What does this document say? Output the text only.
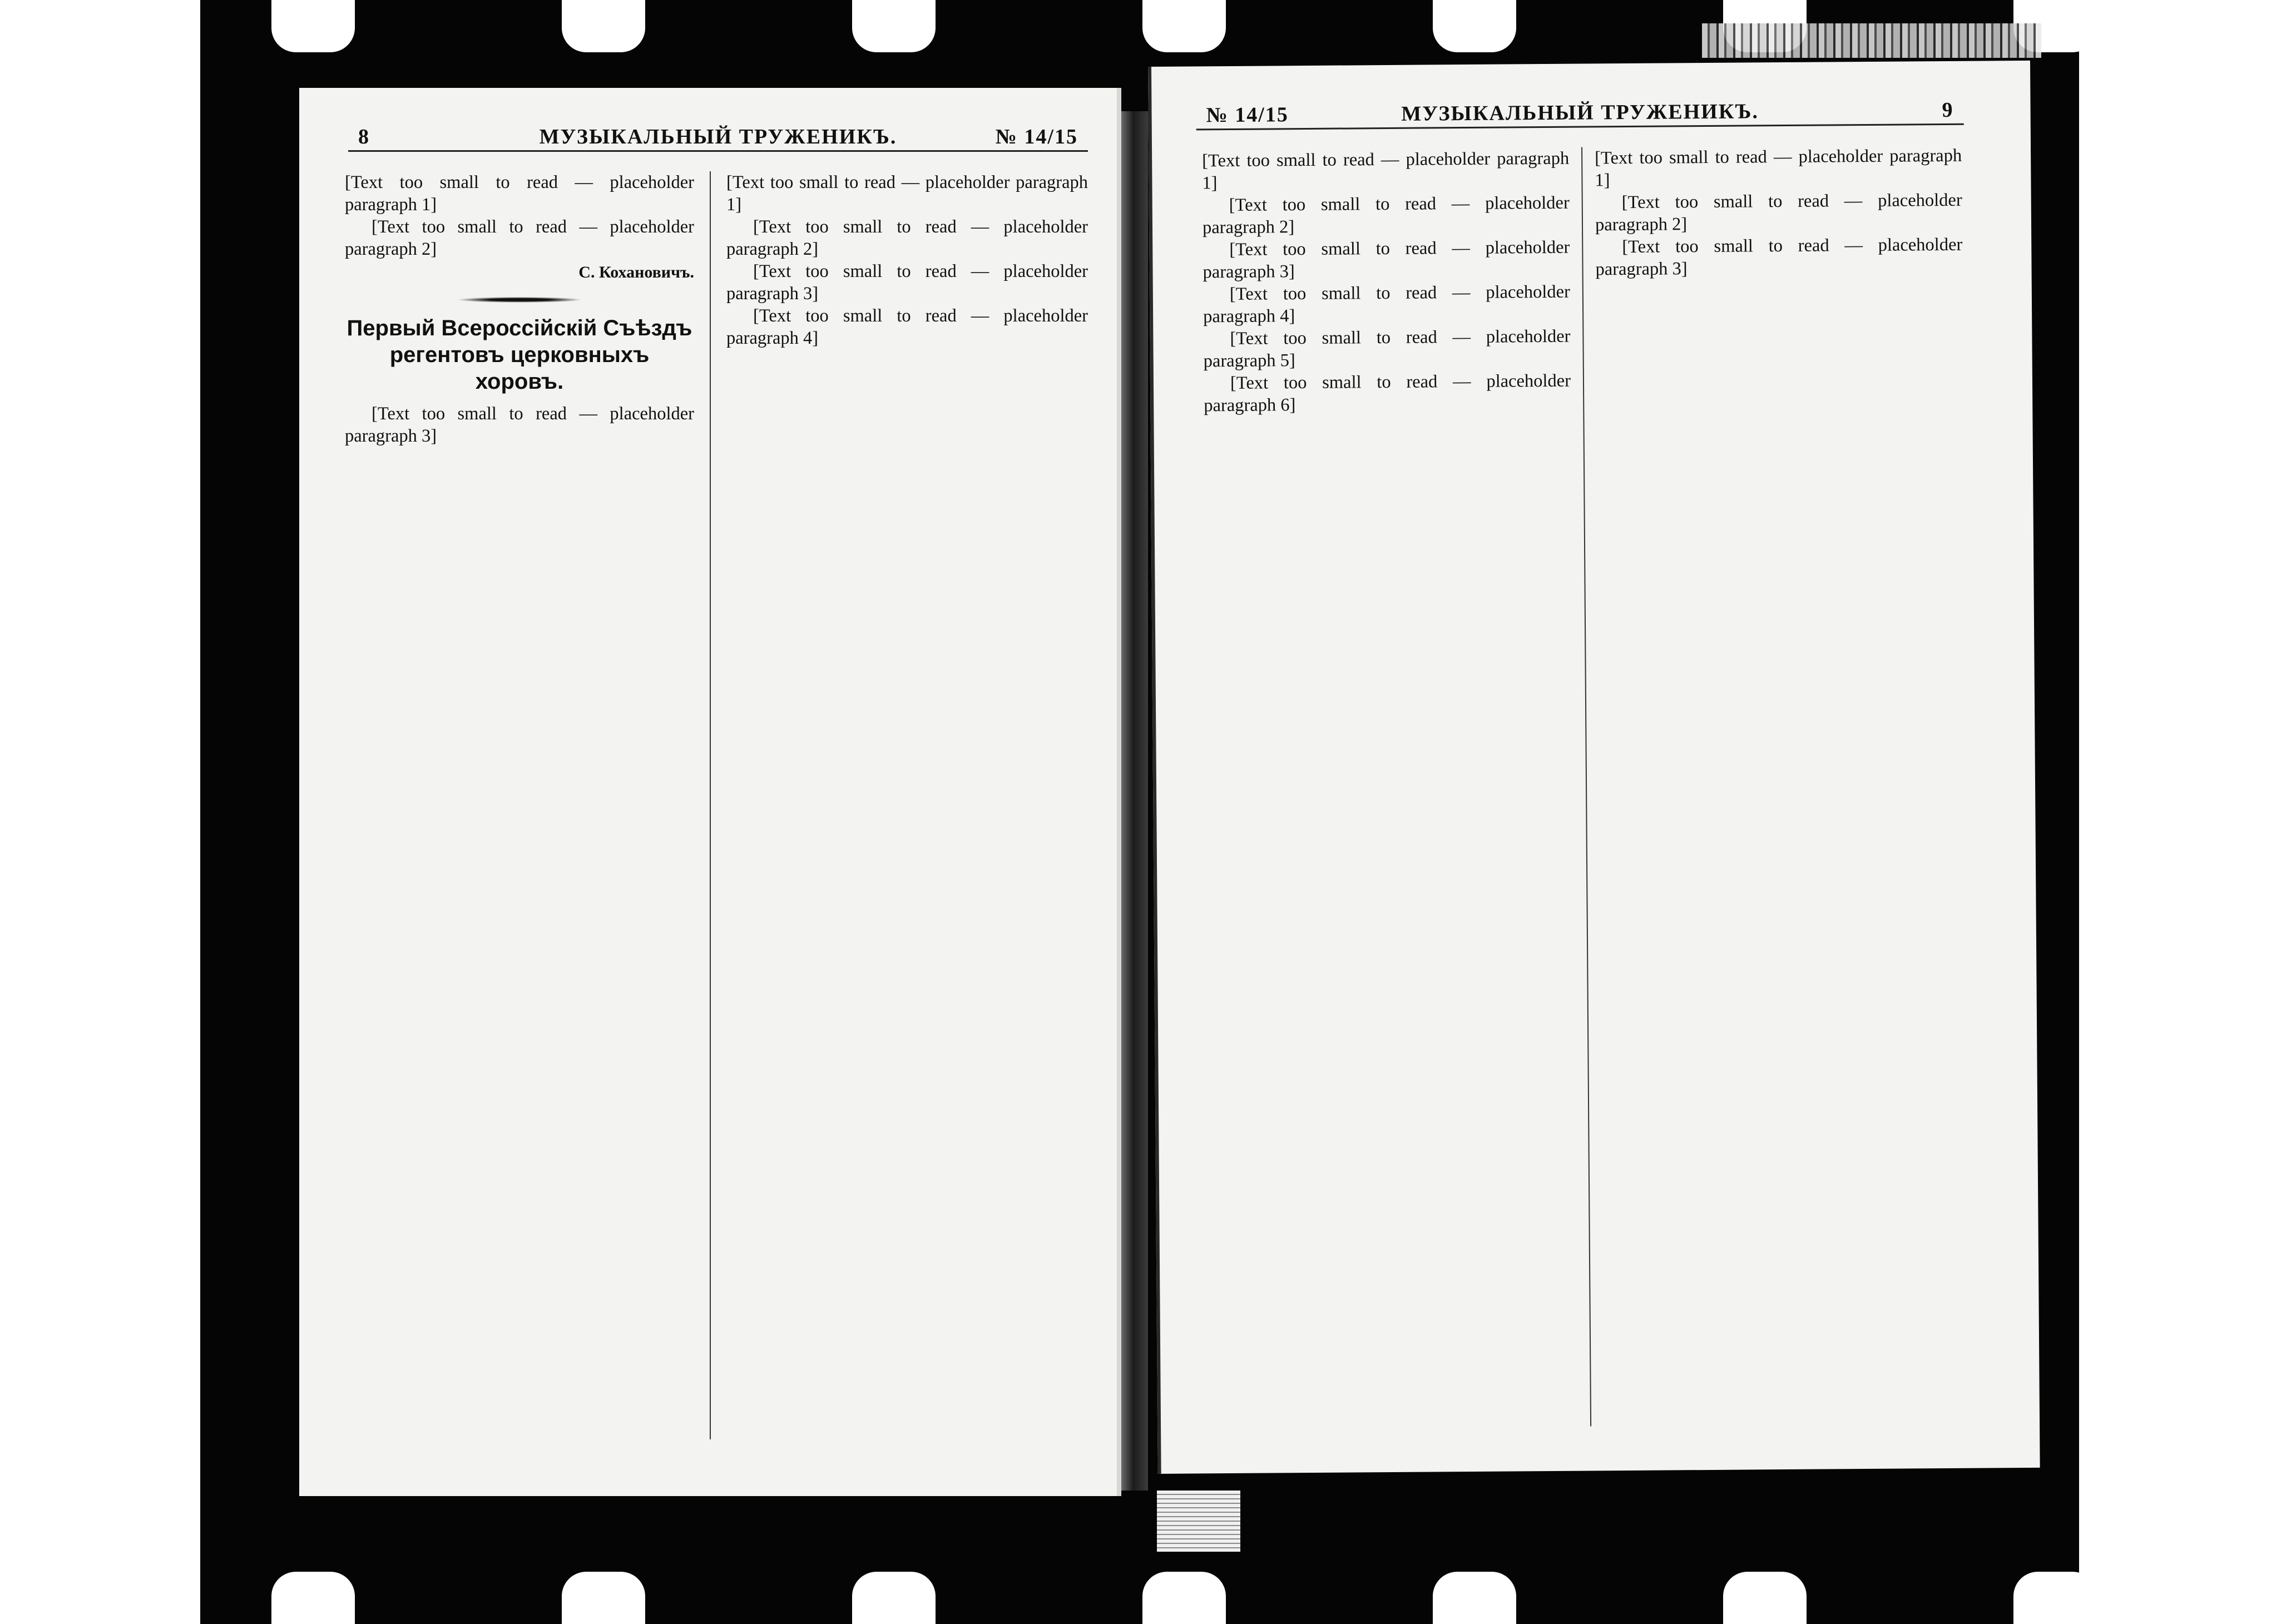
8	МУЗЫКАЛЬНЫЙ ТРУЖЕНИКЪ.	№ 14/15

[Text too small to read — placeholder paragraph 1]

[Text too small to read — placeholder paragraph 2]

С. Кохановичъ.
Первый Всероссійскій Съѣздъ регентовъ церковныхъ хоровъ.

[Text too small to read — placeholder paragraph 3]

[Text too small to read — placeholder paragraph 1]

[Text too small to read — placeholder paragraph 2]

[Text too small to read — placeholder paragraph 3]

[Text too small to read — placeholder paragraph 4]

№ 14/15	МУЗЫКАЛЬНЫЙ ТРУЖЕНИКЪ.	9

[Text too small to read — placeholder paragraph 1]

[Text too small to read — placeholder paragraph 2]

[Text too small to read — placeholder paragraph 3]

[Text too small to read — placeholder paragraph 4]

[Text too small to read — placeholder paragraph 5]

[Text too small to read — placeholder paragraph 6]

[Text too small to read — placeholder paragraph 1]

[Text too small to read — placeholder paragraph 2]

[Text too small to read — placeholder paragraph 3]
